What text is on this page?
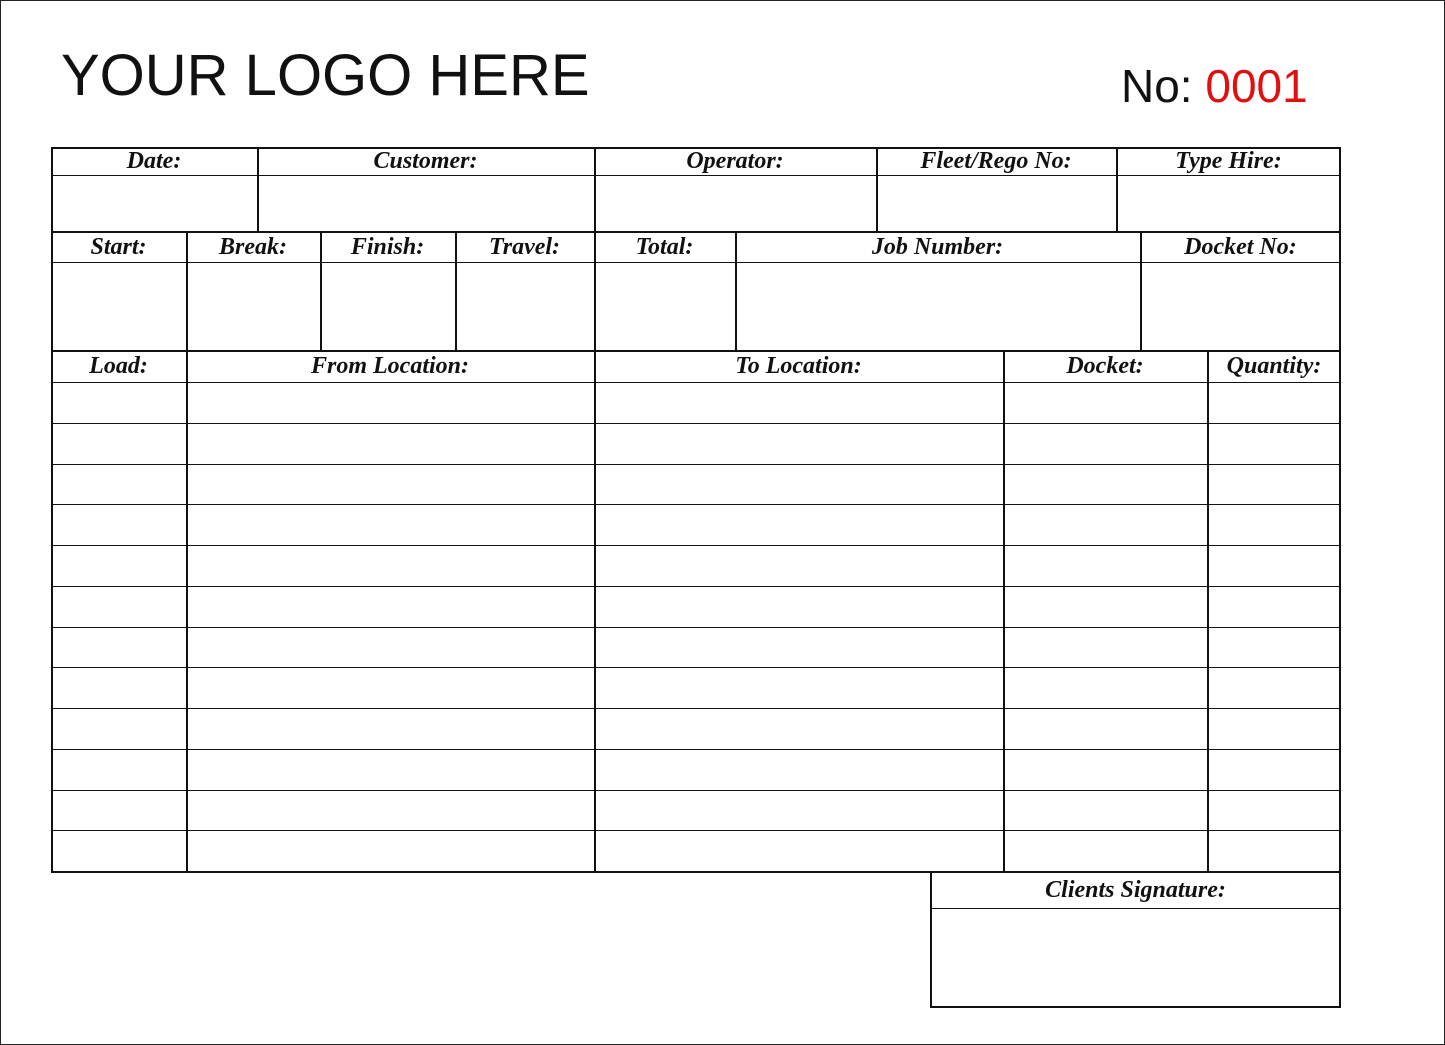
YOUR LOGO HERE	No: 0001
Date:	Customer:	Operator:	Fleet/Rego No:	Type Hire:
Start:	Break:	Finish:	Travel:	Total:	Job Number:	Docket No:
Load:	From Location:	To Location:	Docket:	Quantity:
Clients Signature:
